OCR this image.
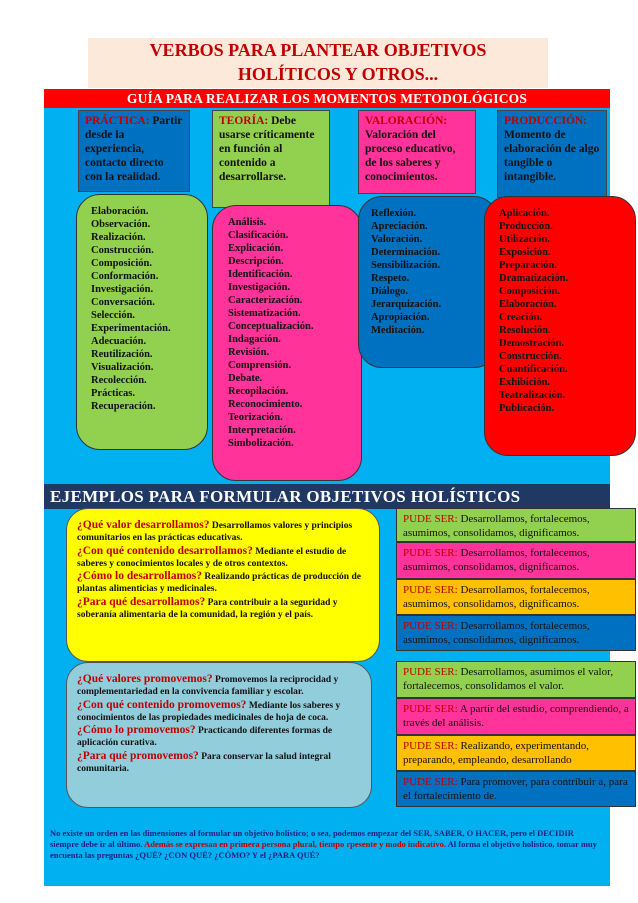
VERBOS PARA PLANTEAR OBJETIVOS
HOLÍTICOS Y OTROS...
GUÍA PARA REALIZAR LOS MOMENTOS METODOLÓGICOS
PRÁCTICA: Partir desde la experiencia, contacto directo con la realidad.
TEORÍA: Debe usarse críticamente en función al contenido a desarrollarse.
VALORACIÓN: Valoración del proceso educativo, de los saberes y conocimientos.
PRODUCCIÓN: Momento de elaboración de algo tangible o intangible.
Elaboración.
Observación.
Realización.
Construcción.
Composición.
Conformación.
Investigación.
Conversación.
Selección.
Experimentación.
Adecuación.
Reutilización.
Visualización.
Recolección.
Prácticas.
Recuperación.
Análisis.
Clasificación.
Explicación.
Descripción.
Identificación.
Investigación.
Caracterización.
Sistematización.
Conceptualización.
Indagación.
Revisión.
Comprensión.
Debate.
Recopilación.
Reconocimiento.
Teorización.
Interpretación.
Simbolización.
Reflexión.
Apreciación.
Valoración.
Determinación.
Sensibilización.
Respeto.
Diálogo.
Jerarquización.
Apropiación.
Meditación.
Aplicación.
Producción.
Utilización.
Exposición.
Preparación.
Dramatización.
Composición.
Elaboración.
Creación.
Resolución.
Demostración.
Construcción.
Cuantificación.
Exhibición.
Teatralización.
Publicación.
EJEMPLOS PARA FORMULAR OBJETIVOS HOLÍSTICOS
¿Qué valor desarrollamos? Desarrollamos valores y principios comunitarios en las prácticas educativas.
¿Con qué contenido desarrollamos? Mediante el estudio de saberes y conocimientos locales y de otros contextos.
¿Cómo lo desarrollamos? Realizando prácticas de producción de plantas alimenticias y medicinales.
¿Para qué desarrollamos? Para contribuir a la seguridad y soberanía alimentaria de la comunidad, la región y el país.
¿Qué valores promovemos? Promovemos la reciprocidad y complementariedad en la convivencia familiar y escolar.
¿Con qué contenido promovemos? Mediante los saberes y conocimientos de las propiedades medicinales de hoja de coca.
¿Cómo lo promovemos? Practicando diferentes formas de aplicación curativa.
¿Para qué promovemos? Para conservar la salud integral comunitaria.
PUDE SER: Desarrollamos, fortalecemos, asumimos, consolidamos, dignificamos.
PUDE SER: Desarrollamos, fortalecemos, asumimos, consolidamos, dignificamos.
PUDE SER: Desarrollamos, fortalecemos, asumimos, consolidamos, dignificamos.
PUDE SER: Desarrollamos, fortalecemos, asumimos, consolidamos, dignificamos.
PUDE SER: Desarrollamos, asumimos el valor, fortalecemos, consolidamos el valor.
PUDE SER: A partir del estudio, comprendiendo, a través del análisis.
PUDE SER: Realizando, experimentando, preparando, empleando, desarrollando
PUDE SER: Para promover, para contribuir a, para el fortalecimiento de.
No existe un orden en las dimensiones al formular un objetivo holístico; o sea, podemos empezar del SER, SABER, O HACER, pero el DECIDIR siempre debe ir al último. Además se expresan en primera persona plural, tiempo rpesente y modo indicativo. Al forma el objetivo holístico, tomar muy encuenta las preguntas ¿QUÉ? ¿CON QUÉ? ¿CÓMO? Y el ¿PARA QUÉ?
